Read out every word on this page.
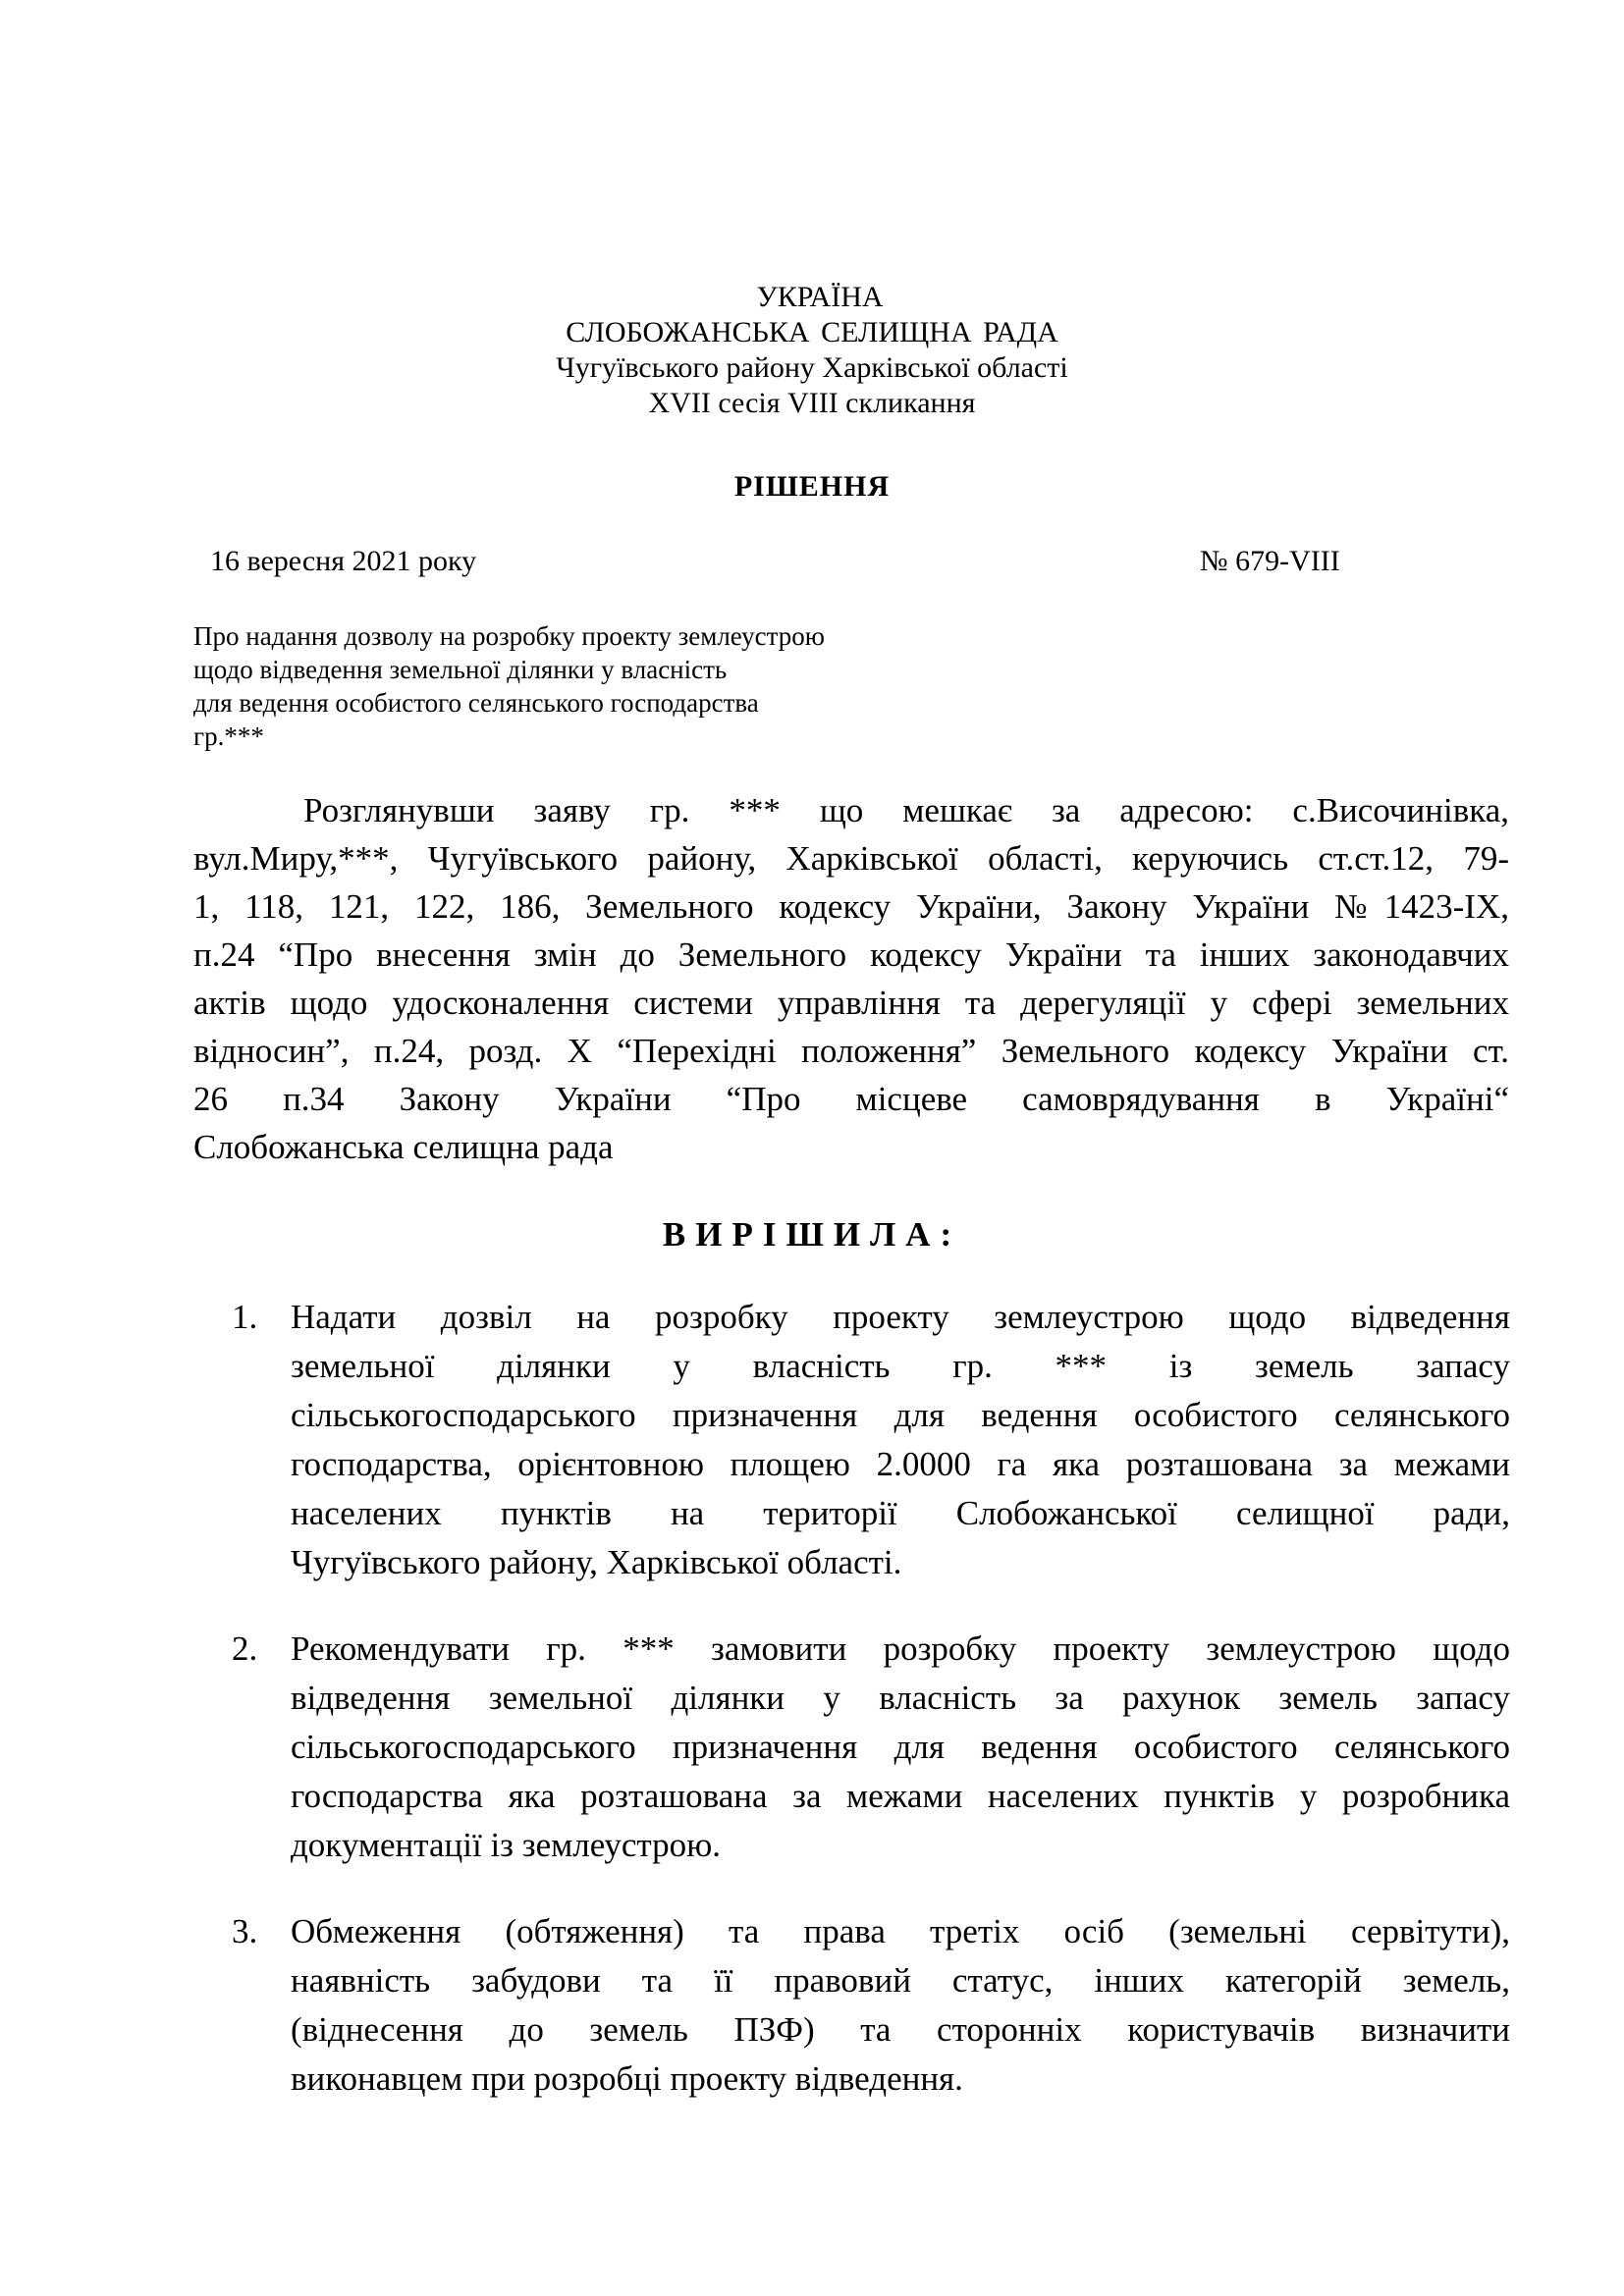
УКРАЇНА
СЛОБОЖАНСЬКА СЕЛИЩНА РАДА
Чугуївського району Харківської області
XVII сесія VIII скликання
РІШЕННЯ
16 вересня 2021 року	№ 679-VIII
Про надання дозволу на розробку проекту землеустрою
щодо відведення земельної ділянки у власність
для ведення особистого селянського господарства
гр.***
Розглянувши заяву гр. *** що мешкає за адресою: с.Височинівка,
вул.Миру,***, Чугуївського району, Харківської області, керуючись ст.ст.12, 79-
1, 118, 121, 122, 186, Земельного кодексу України, Закону України №1423-IX,
п.24 “Про внесення змін до Земельного кодексу України та інших законодавчих
актів щодо удосконалення системи управління та дерегуляції у сфері земельних
відносин”, п.24, розд. X “Перехідні положення” Земельного кодексу України ст.
26 п.34 Закону України “Про місцеве самоврядування в Україні“
Слобожанська селищна рада
ВИРІШИЛА:
1. Надати дозвіл на розробку проекту землеустрою щодо відведення
земельної ділянки у власність гр. *** із земель запасу
сільськогосподарського призначення для ведення особистого селянського
господарства, орієнтовною площею 2.0000 га яка розташована за межами
населених пунктів на території Слобожанської селищної ради,
Чугуївського району, Харківської області.
2. Рекомендувати гр. *** замовити розробку проекту землеустрою щодо
відведення земельної ділянки у власність за рахунок земель запасу
сільськогосподарського призначення для ведення особистого селянського
господарства яка розташована за межами населених пунктів у розробника
документації із землеустрою.
3. Обмеження (обтяження) та права третіх осіб (земельні сервітути),
наявність забудови та її правовий статус, інших категорій земель,
(віднесення до земель ПЗФ) та сторонніх користувачів визначити
виконавцем при розробці проекту відведення.
